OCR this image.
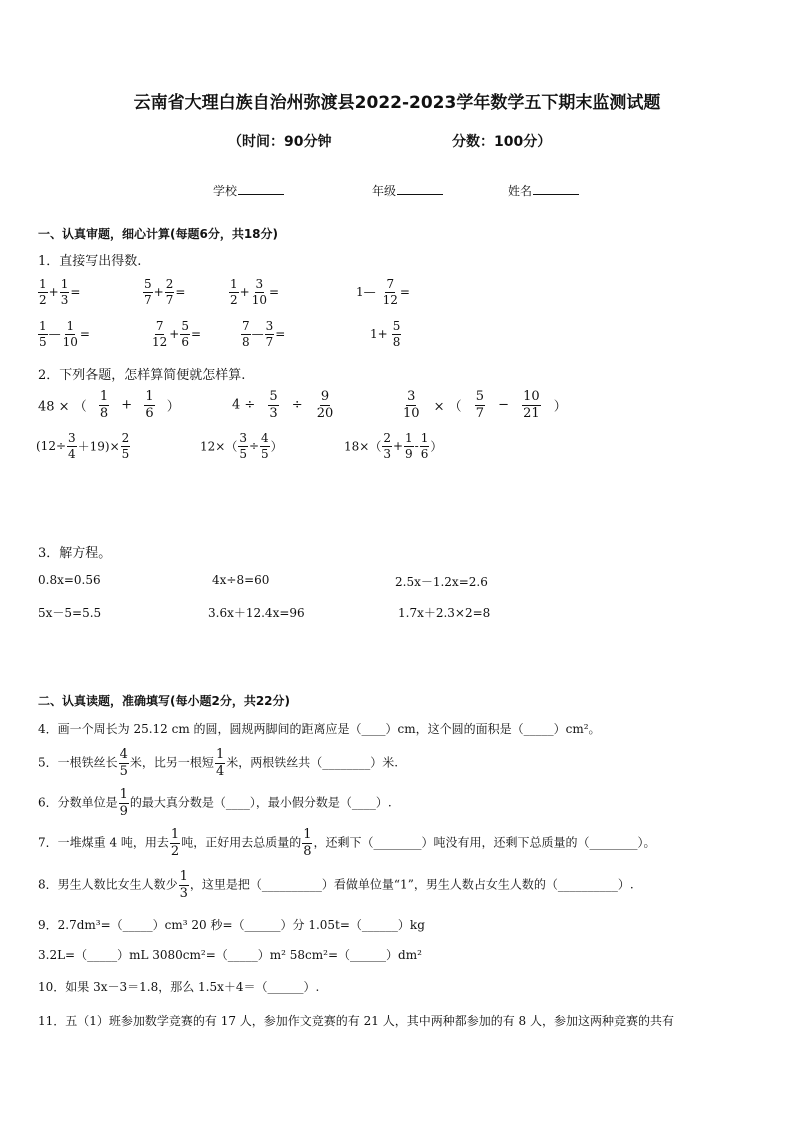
云南省大理白族自治州弥渡县2022-2023学年数学五下期末监测试题
（时间：90分钟	分数：100分）
学校	年级	姓名
一、认真审题，细心计算(每题6分，共18分)
1．直接写出得数.
$\frac{1}{2} + \frac{1}{3}$ =	$\frac{5}{7} + \frac{2}{7}$ =	$\frac{1}{2} + \frac{3}{10}$ =	1— $\frac{7}{12}$ =
$\frac{1}{5}$ — $\frac{1}{10}$ =	$\frac{7}{12} + \frac{5}{6}$ =	$\frac{7}{8}$ — $\frac{3}{7}$ =	$1+ \frac{5}{8}$
2．下列各题，怎样算简便就怎样算.
48 × （ $\frac{1}{8} + \frac{1}{6}$ ）	$4 \div \frac{5}{3} \div \frac{9}{20}$	$\frac{3}{10}$ × （ $\frac{5}{7} - \frac{10}{21}$ ）
$(12\div \frac{3}{4} +19)\times \frac{2}{5}$	$12\times( \frac{3}{5} \div \frac{4}{5}$ ）	$18\times( \frac{2}{3} + \frac{1}{9} - \frac{1}{6}$ ）
3．解方程。
0.8x=0.56	4x÷8=60	2.5x－1.2x=2.6
5x－5=5.5	3.6x＋12.4x=96	1.7x＋2.3×2=8
二、认真读题，准确填写(每小题2分，共22分)
4．画一个周长为 25.12 cm 的圆，圆规两脚间的距离应是（____）cm，这个圆的面积是（_____）cm²。
5．一根铁丝长 $\frac{4}{5}$ 米，比另一根短 $\frac{1}{4}$ 米，两根铁丝共（________）米.
6．分数单位是 $\frac{1}{9}$ 的最大真分数是（____），最小假分数是（____）.
7．一堆煤重 4 吨，用去 $\frac{1}{2}$ 吨，正好用去总质量的 $\frac{1}{8}$ ，还剩下（________）吨没有用，还剩下总质量的（________）。
8．男生人数比女生人数少 $\frac{1}{3}$ ，这里是把（__________）看做单位量“1”，男生人数占女生人数的（__________）.
9．2.7dm³=（_____）cm³ 20 秒=（______）分 1.05t=（______）kg
3.2L=（_____）mL 3080cm²=（_____）m² 58cm²=（______）dm²
10．如果 3x－3＝1.8，那么 1.5x＋4＝（______）.
11．五（1）班参加数学竞赛的有 17 人，参加作文竞赛的有 21 人，其中两种都参加的有 8 人，参加这两种竞赛的共有
